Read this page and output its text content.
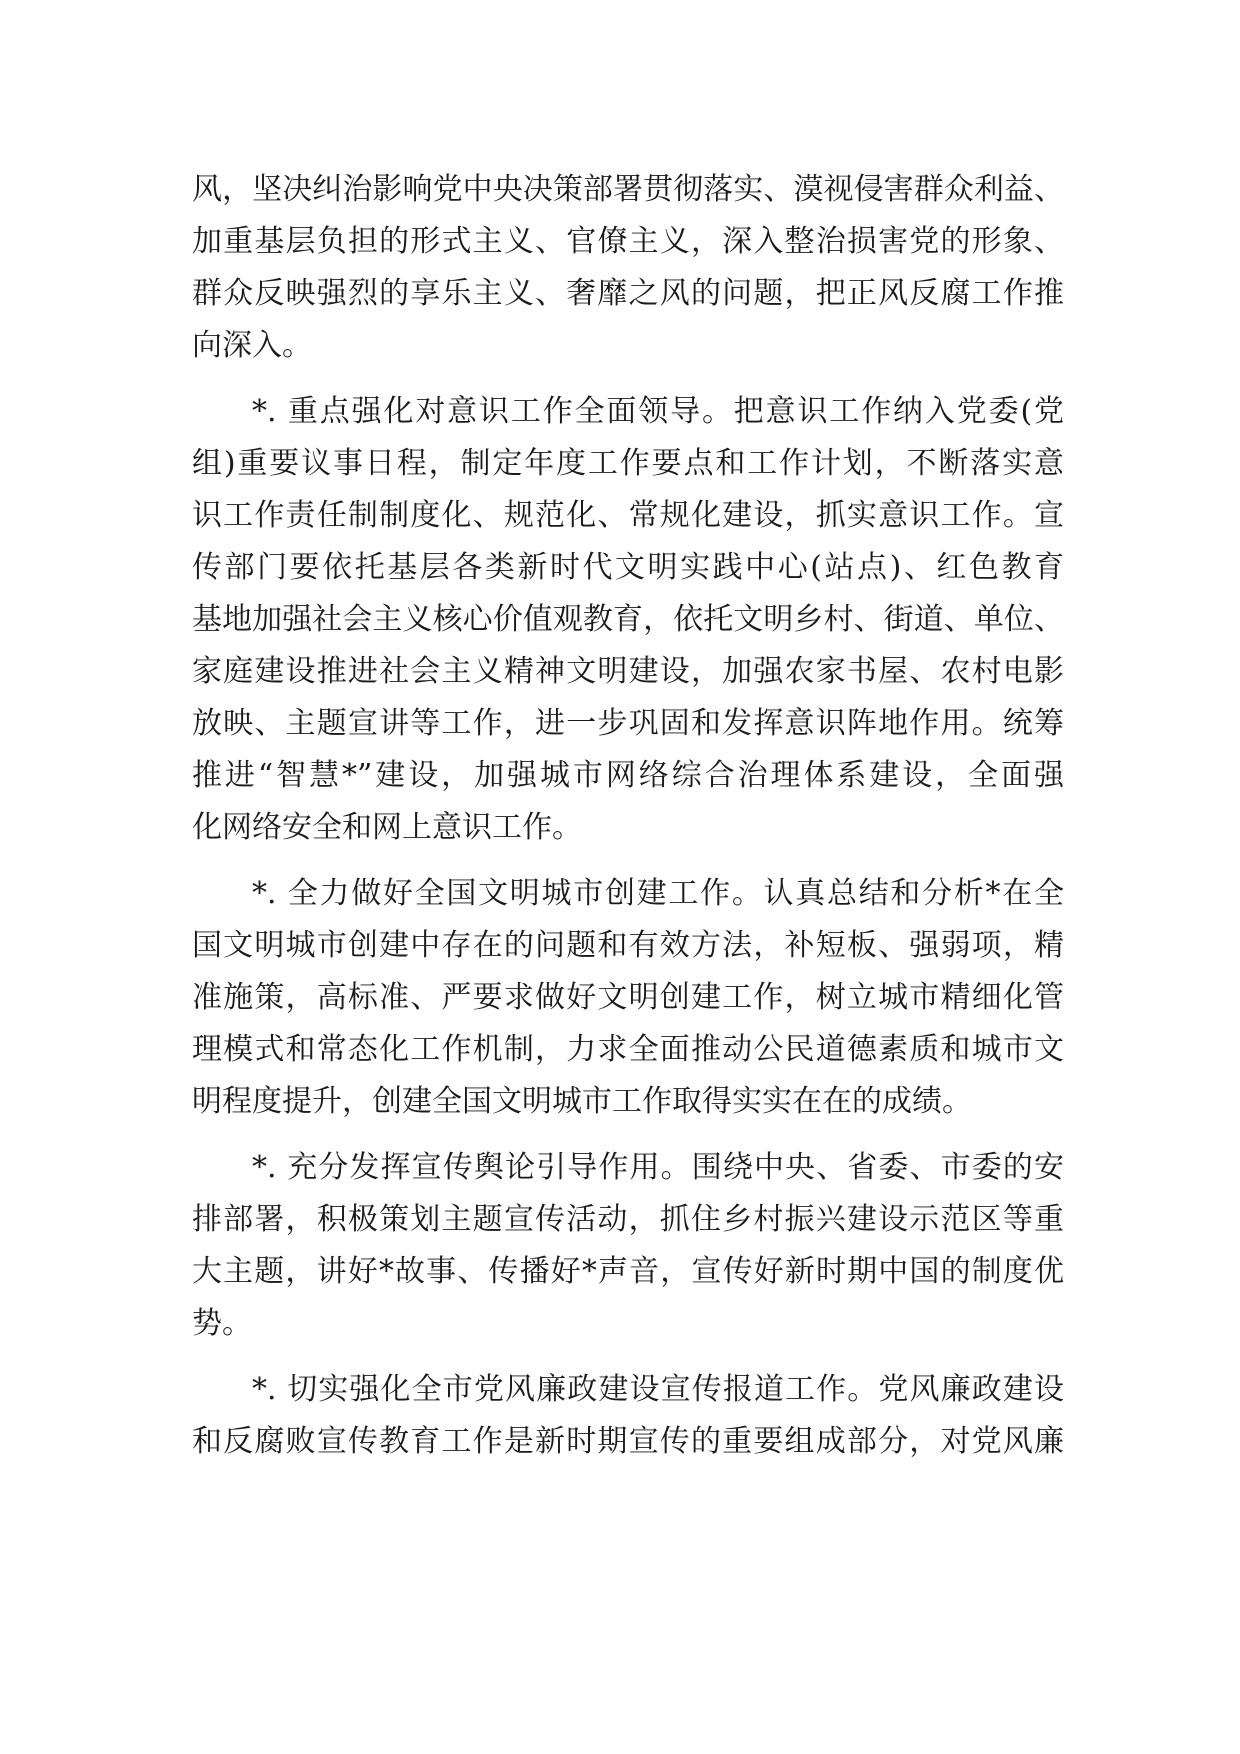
风，坚决纠治影响党中央决策部署贯彻落实、漠视侵害群众利益、
加重基层负担的形式主义、官僚主义，深入整治损害党的形象、
群众反映强烈的享乐主义、奢靡之风的问题，把正风反腐工作推
向深入。
*. 重点强化对意识工作全面领导。把意识工作纳入党委(党
组)重要议事日程，制定年度工作要点和工作计划，不断落实意
识工作责任制制度化、规范化、常规化建设，抓实意识工作。宣
传部门要依托基层各类新时代文明实践中心(站点)、红色教育
基地加强社会主义核心价值观教育，依托文明乡村、街道、单位、
家庭建设推进社会主义精神文明建设，加强农家书屋、农村电影
放映、主题宣讲等工作，进一步巩固和发挥意识阵地作用。统筹
推进“智慧*”建设，加强城市网络综合治理体系建设，全面强
化网络安全和网上意识工作。
*. 全力做好全国文明城市创建工作。认真总结和分析*在全
国文明城市创建中存在的问题和有效方法，补短板、强弱项，精
准施策，高标准、严要求做好文明创建工作，树立城市精细化管
理模式和常态化工作机制，力求全面推动公民道德素质和城市文
明程度提升，创建全国文明城市工作取得实实在在的成绩。
*. 充分发挥宣传舆论引导作用。围绕中央、省委、市委的安
排部署，积极策划主题宣传活动，抓住乡村振兴建设示范区等重
大主题，讲好*故事、传播好*声音，宣传好新时期中国的制度优
势。
*. 切实强化全市党风廉政建设宣传报道工作。党风廉政建设
和反腐败宣传教育工作是新时期宣传的重要组成部分，对党风廉
